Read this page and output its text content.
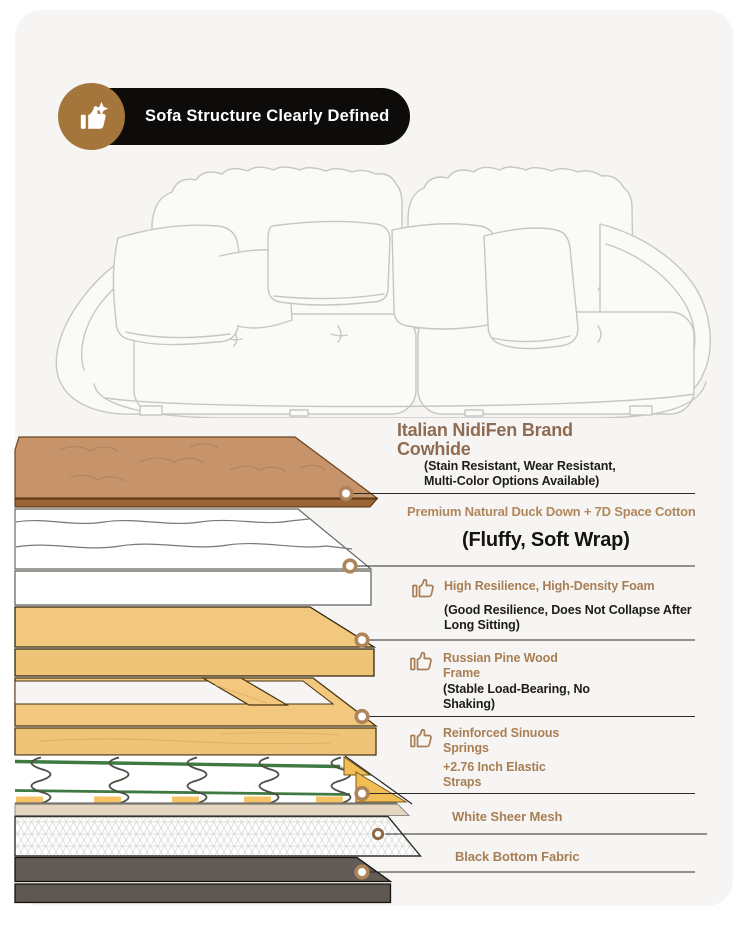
Sofa Structure Clearly Defined
Italian NidiFen Brand
Cowhide
(Stain Resistant, Wear Resistant,
Multi-Color Options Available)
Premium Natural Duck Down + 7D Space Cotton
(Fluffy, Soft Wrap)
High Resilience, High-Density Foam
(Good Resilience, Does Not Collapse After
Long Sitting)
Russian Pine Wood
Frame
(Stable Load-Bearing, No
Shaking)
Reinforced Sinuous
Springs
+2.76 Inch Elastic
Straps
White Sheer Mesh
Black Bottom Fabric
